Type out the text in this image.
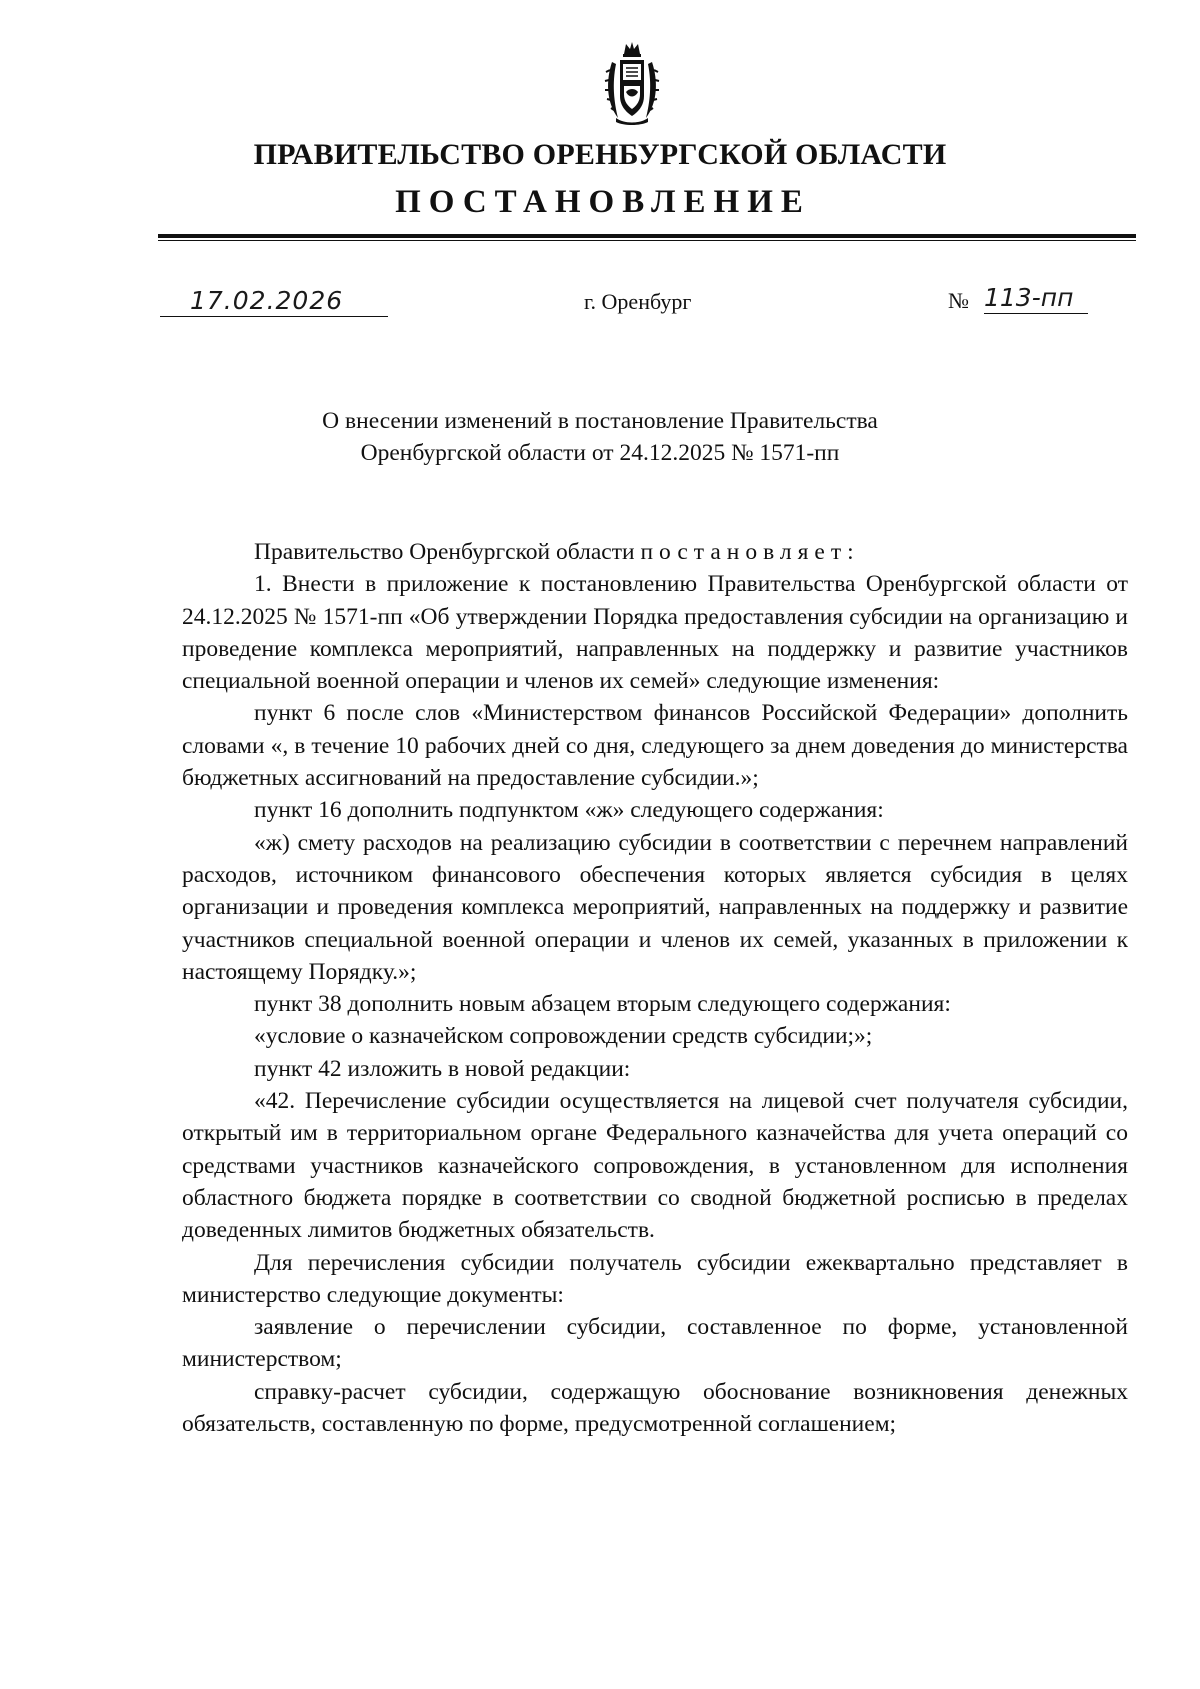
ПРАВИТЕЛЬСТВО ОРЕНБУРГСКОЙ ОБЛАСТИ
ПОСТАНОВЛЕНИЕ
17.02.2026	г. Оренбург	№ 113-пп
О внесении изменений в постановление Правительства
Оренбургской области от 24.12.2025 № 1571-пп

Правительство Оренбургской области постановляет:

1. Внести в приложение к постановлению Правительства Оренбургской области от 24.12.2025 № 1571-пп «Об утверждении Порядка предоставления субсидии на организацию и проведение комплекса мероприятий, направленных на поддержку и развитие участников специальной военной операции и членов их семей» следующие изменения:

пункт 6 после слов «Министерством финансов Российской Федерации» дополнить словами «, в течение 10 рабочих дней со дня, следующего за днем доведения до министерства бюджетных ассигнований на предоставление субсидии.»;

пункт 16 дополнить подпунктом «ж» следующего содержания:

«ж) смету расходов на реализацию субсидии в соответствии с перечнем направлений расходов, источником финансового обеспечения которых является субсидия в целях организации и проведения комплекса мероприятий, направленных на поддержку и развитие участников специальной военной операции и членов их семей, указанных в приложении к настоящему Порядку.»;

пункт 38 дополнить новым абзацем вторым следующего содержания:

«условие о казначейском сопровождении средств субсидии;»;

пункт 42 изложить в новой редакции:

«42. Перечисление субсидии осуществляется на лицевой счет получателя субсидии, открытый им в территориальном органе Федерального казначейства для учета операций со средствами участников казначейского сопровождения, в установленном для исполнения областного бюджета порядке в соответствии со сводной бюджетной росписью в пределах доведенных лимитов бюджетных обязательств.

Для перечисления субсидии получатель субсидии ежеквартально представляет в министерство следующие документы:

заявление о перечислении субсидии, составленное по форме, установленной министерством;

справку-расчет субсидии, содержащую обоснование возникновения денежных обязательств, составленную по форме, предусмотренной соглашением;
